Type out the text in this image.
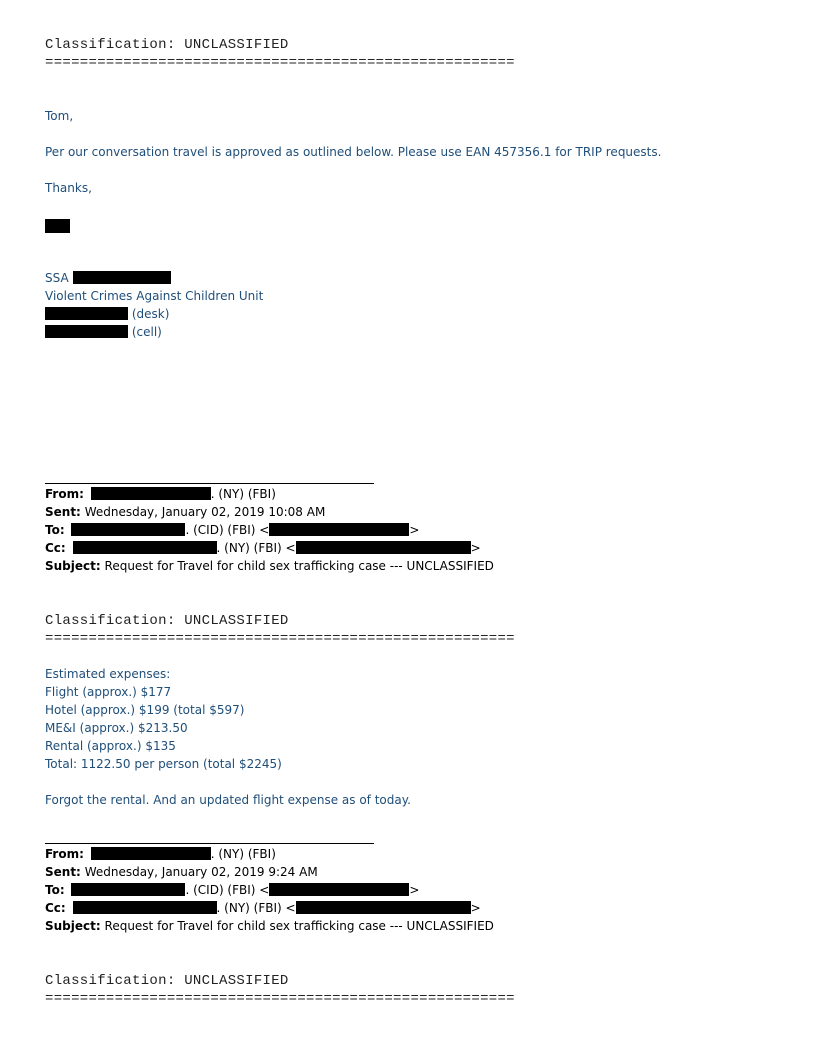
Classification: UNCLASSIFIED
======================================================
Tom,
Per our conversation travel is approved as outlined below. Please use EAN 457356.1 for TRIP requests.
Thanks,
SSA
Violent Crimes Against Children Unit
(desk)
(cell)
From:	. (NY) (FBI)
Sent: Wednesday, January 02, 2019 10:08 AM
To:	. (CID) (FBI) <	>
Cc:	. (NY) (FBI) <	>
Subject: Request for Travel for child sex trafficking case --- UNCLASSIFIED
Classification: UNCLASSIFIED
======================================================
Estimated expenses:
Flight (approx.) $177
Hotel (approx.) $199 (total $597)
ME&I (approx.) $213.50
Rental (approx.) $135
Total: 1122.50 per person (total $2245)
Forgot the rental. And an updated flight expense as of today.
From:	. (NY) (FBI)
Sent: Wednesday, January 02, 2019 9:24 AM
To:	. (CID) (FBI) <	>
Cc:	. (NY) (FBI) <	>
Subject: Request for Travel for child sex trafficking case --- UNCLASSIFIED
Classification: UNCLASSIFIED
======================================================
